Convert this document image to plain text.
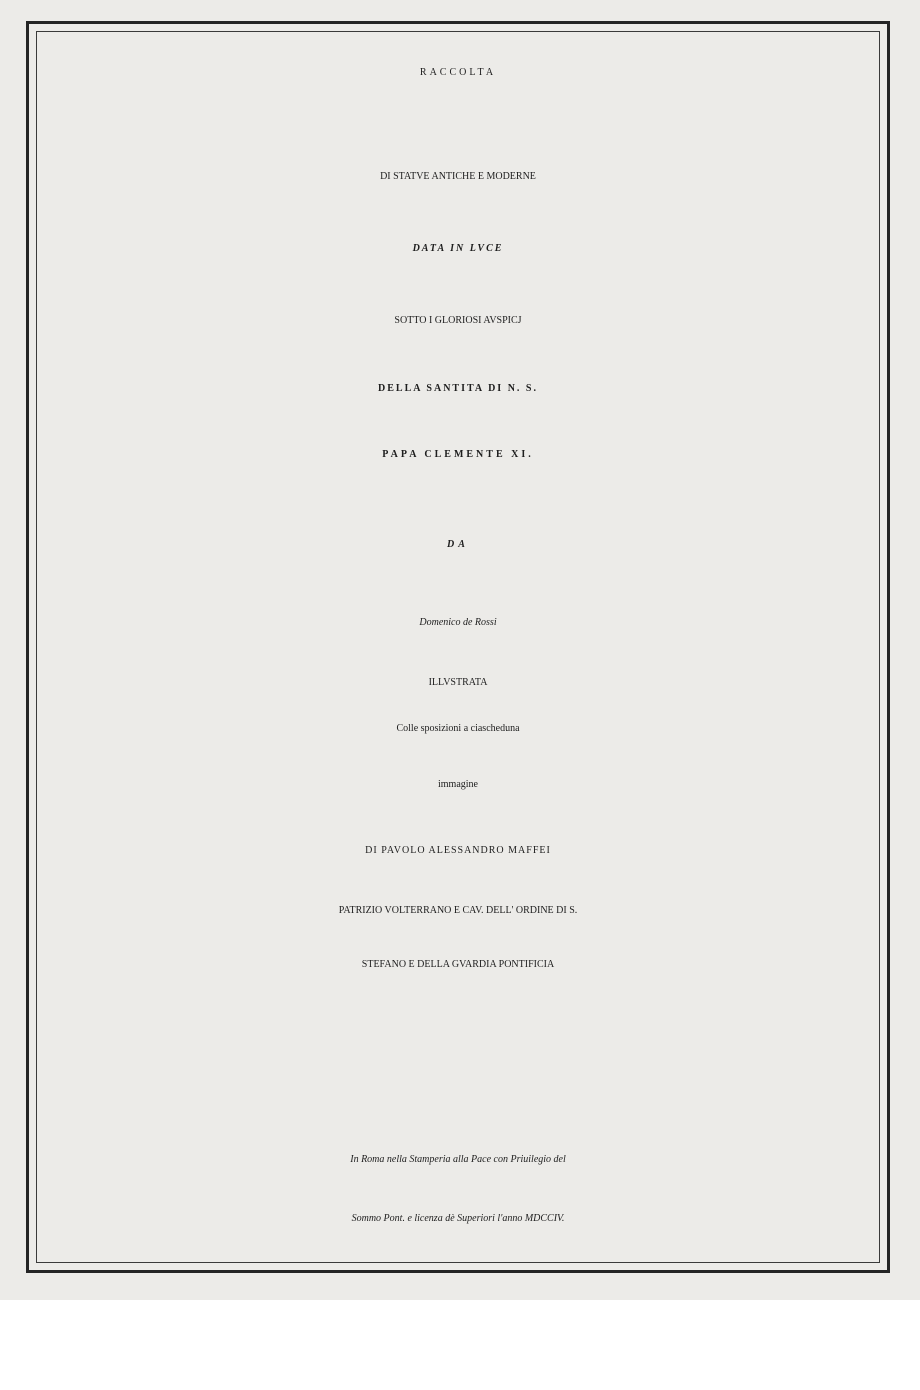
RACCOLTA
DI STATVE ANTICHE E MODERNE
DATA IN LVCE
SOTTO I GLORIOSI AVSPICJ
DELLA SANTITA DI N. S.
PAPA CLEMENTE XI.
DA
Domenico de Rossi
ILLVSTRATA
Colle sposizioni a ciascheduna
immagine
DI PAVOLO ALESSANDRO MAFFEI
PATRIZIO VOLTERRANO E CAV. DELL' ORDINE DI S.
STEFANO E DELLA GVARDIA PONTIFICIA
In Roma nella Stamperia alla Pace con Priuilegio del
Sommo Pont. e licenza dè Superiori l'anno MDCCIV.
